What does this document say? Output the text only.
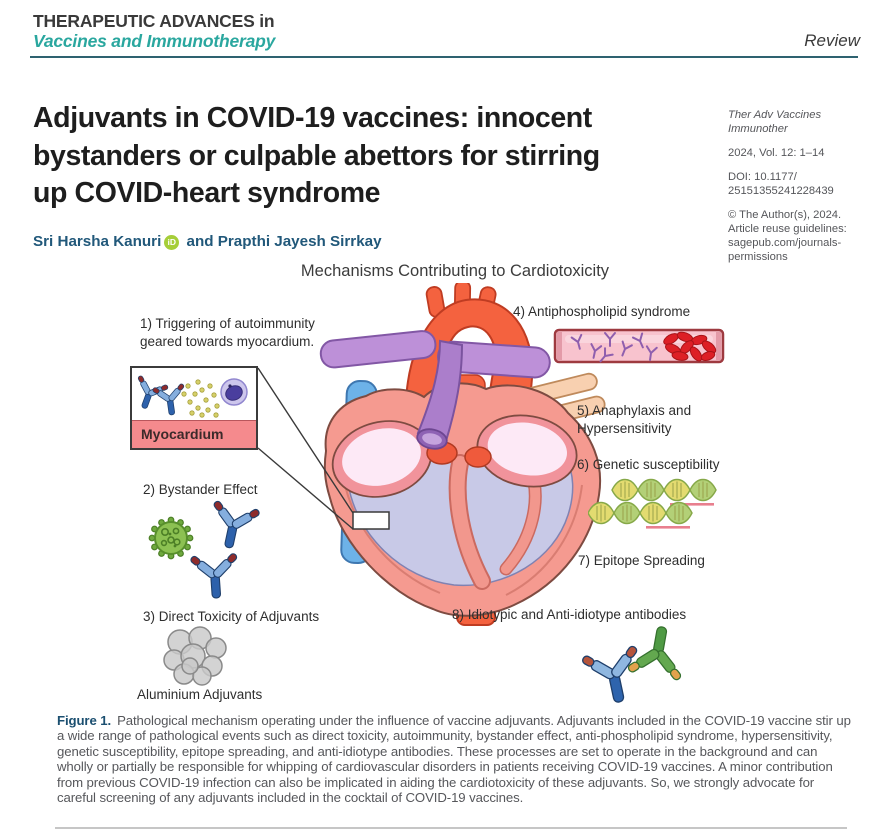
THERAPEUTIC ADVANCES in
Vaccines and Immunotherapy	Review
Adjuvants in COVID-19 vaccines: innocent
bystanders or culpable abettors for stirring
up COVID-heart syndrome
Sri Harsha Kanuri iD and Prapthi Jayesh Sirrkay

Ther Adv Vaccines Immunother

2024, Vol. 12: 1–14

DOI: 10.1177/
25151355241228439

© The Author(s), 2024.
Article reuse guidelines:
sagepub.com/journals-permissions

Mechanisms Contributing to Cardiotoxicity
1) Triggering of autoimmunity
geared towards myocardium.
Myocardium
2) Bystander Effect
3) Direct Toxicity of Adjuvants
Aluminium Adjuvants
4) Antiphospholipid syndrome
5) Anaphylaxis and
Hypersensitivity
6) Genetic susceptibility
7) Epitope Spreading
8) Idiotypic and Anti-idiotype antibodies
Figure 1. Pathological mechanism operating under the influence of vaccine adjuvants. Adjuvants included in the COVID-19 vaccine stir up a wide range of pathological events such as direct toxicity, autoimmunity, bystander effect, anti-phospholipid syndrome, hypersensitivity, genetic susceptibility, epitope spreading, and anti-idiotype antibodies. These processes are set to operate in the background and can wholly or partially be responsible for whipping of cardiovascular disorders in patients receiving COVID-19 vaccines. A minor contribution from previous COVID-19 infection can also be implicated in aiding the cardiotoxicity of these adjuvants. So, we strongly advocate for careful screening of any adjuvants included in the cocktail of COVID-19 vaccines.
